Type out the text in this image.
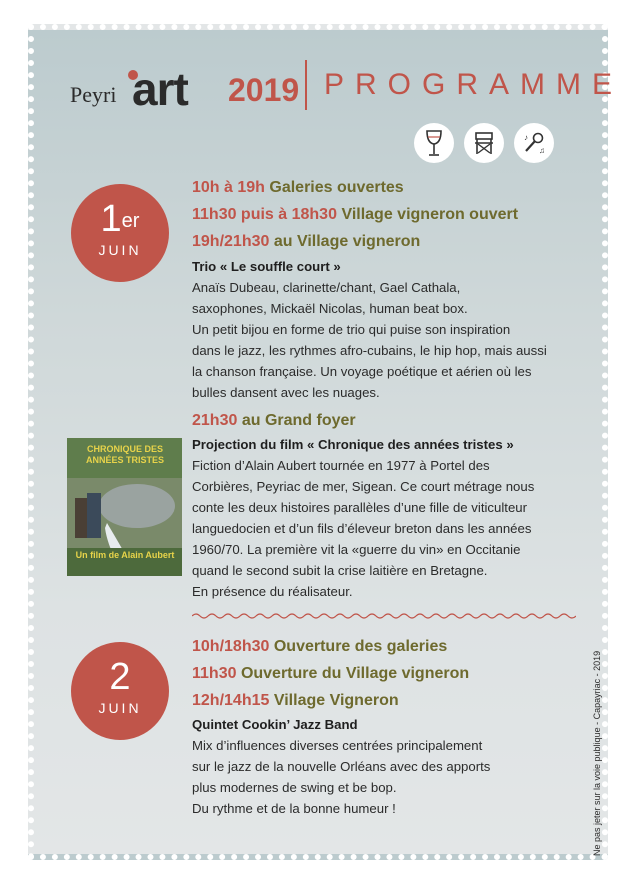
Peyri art 2019 PROGRAMME
♪
♫
1er
JUIN
10h à 19h Galeries ouvertes
11h30 puis à 18h30 Village vigneron ouvert
19h/21h30 au Village vigneron
Trio « Le souffle court »
Anaïs Dubeau, clarinette/chant, Gael Cathala,
saxophones, Mickaël Nicolas, human beat box.
Un petit bijou en forme de trio qui puise son inspiration
dans le jazz, les rythmes afro-cubains, le hip hop, mais aussi
la chanson française. Un voyage poétique et aérien où les
bulles dansent avec les nuages.
21h30 au Grand foyer
Projection du film « Chronique des années tristes »
Fiction d’Alain Aubert tournée en 1977 à Portel des
Corbières, Peyriac de mer, Sigean. Ce court métrage nous
conte les deux histoires parallèles d’une fille de viticulteur
languedocien et d’un fils d’éleveur breton dans les années
1960/70. La première vit la «guerre du vin» en Occitanie
quand le second subit la crise laitière en Bretagne.
En présence du réalisateur.
CHRONIQUE DES ANNÉES TRISTES
Un film de Alain Aubert
2
JUIN
10h/18h30 Ouverture des galeries
11h30 Ouverture du Village vigneron
12h/14h15 Village Vigneron
Quintet Cookin’ Jazz Band
Mix d’influences diverses centrées principalement
sur le jazz de la nouvelle Orléans avec des apports
plus modernes de swing et be bop.
Du rythme et de la bonne humeur !	Ne pas jeter sur la voie publique - Capayriac - 2019
